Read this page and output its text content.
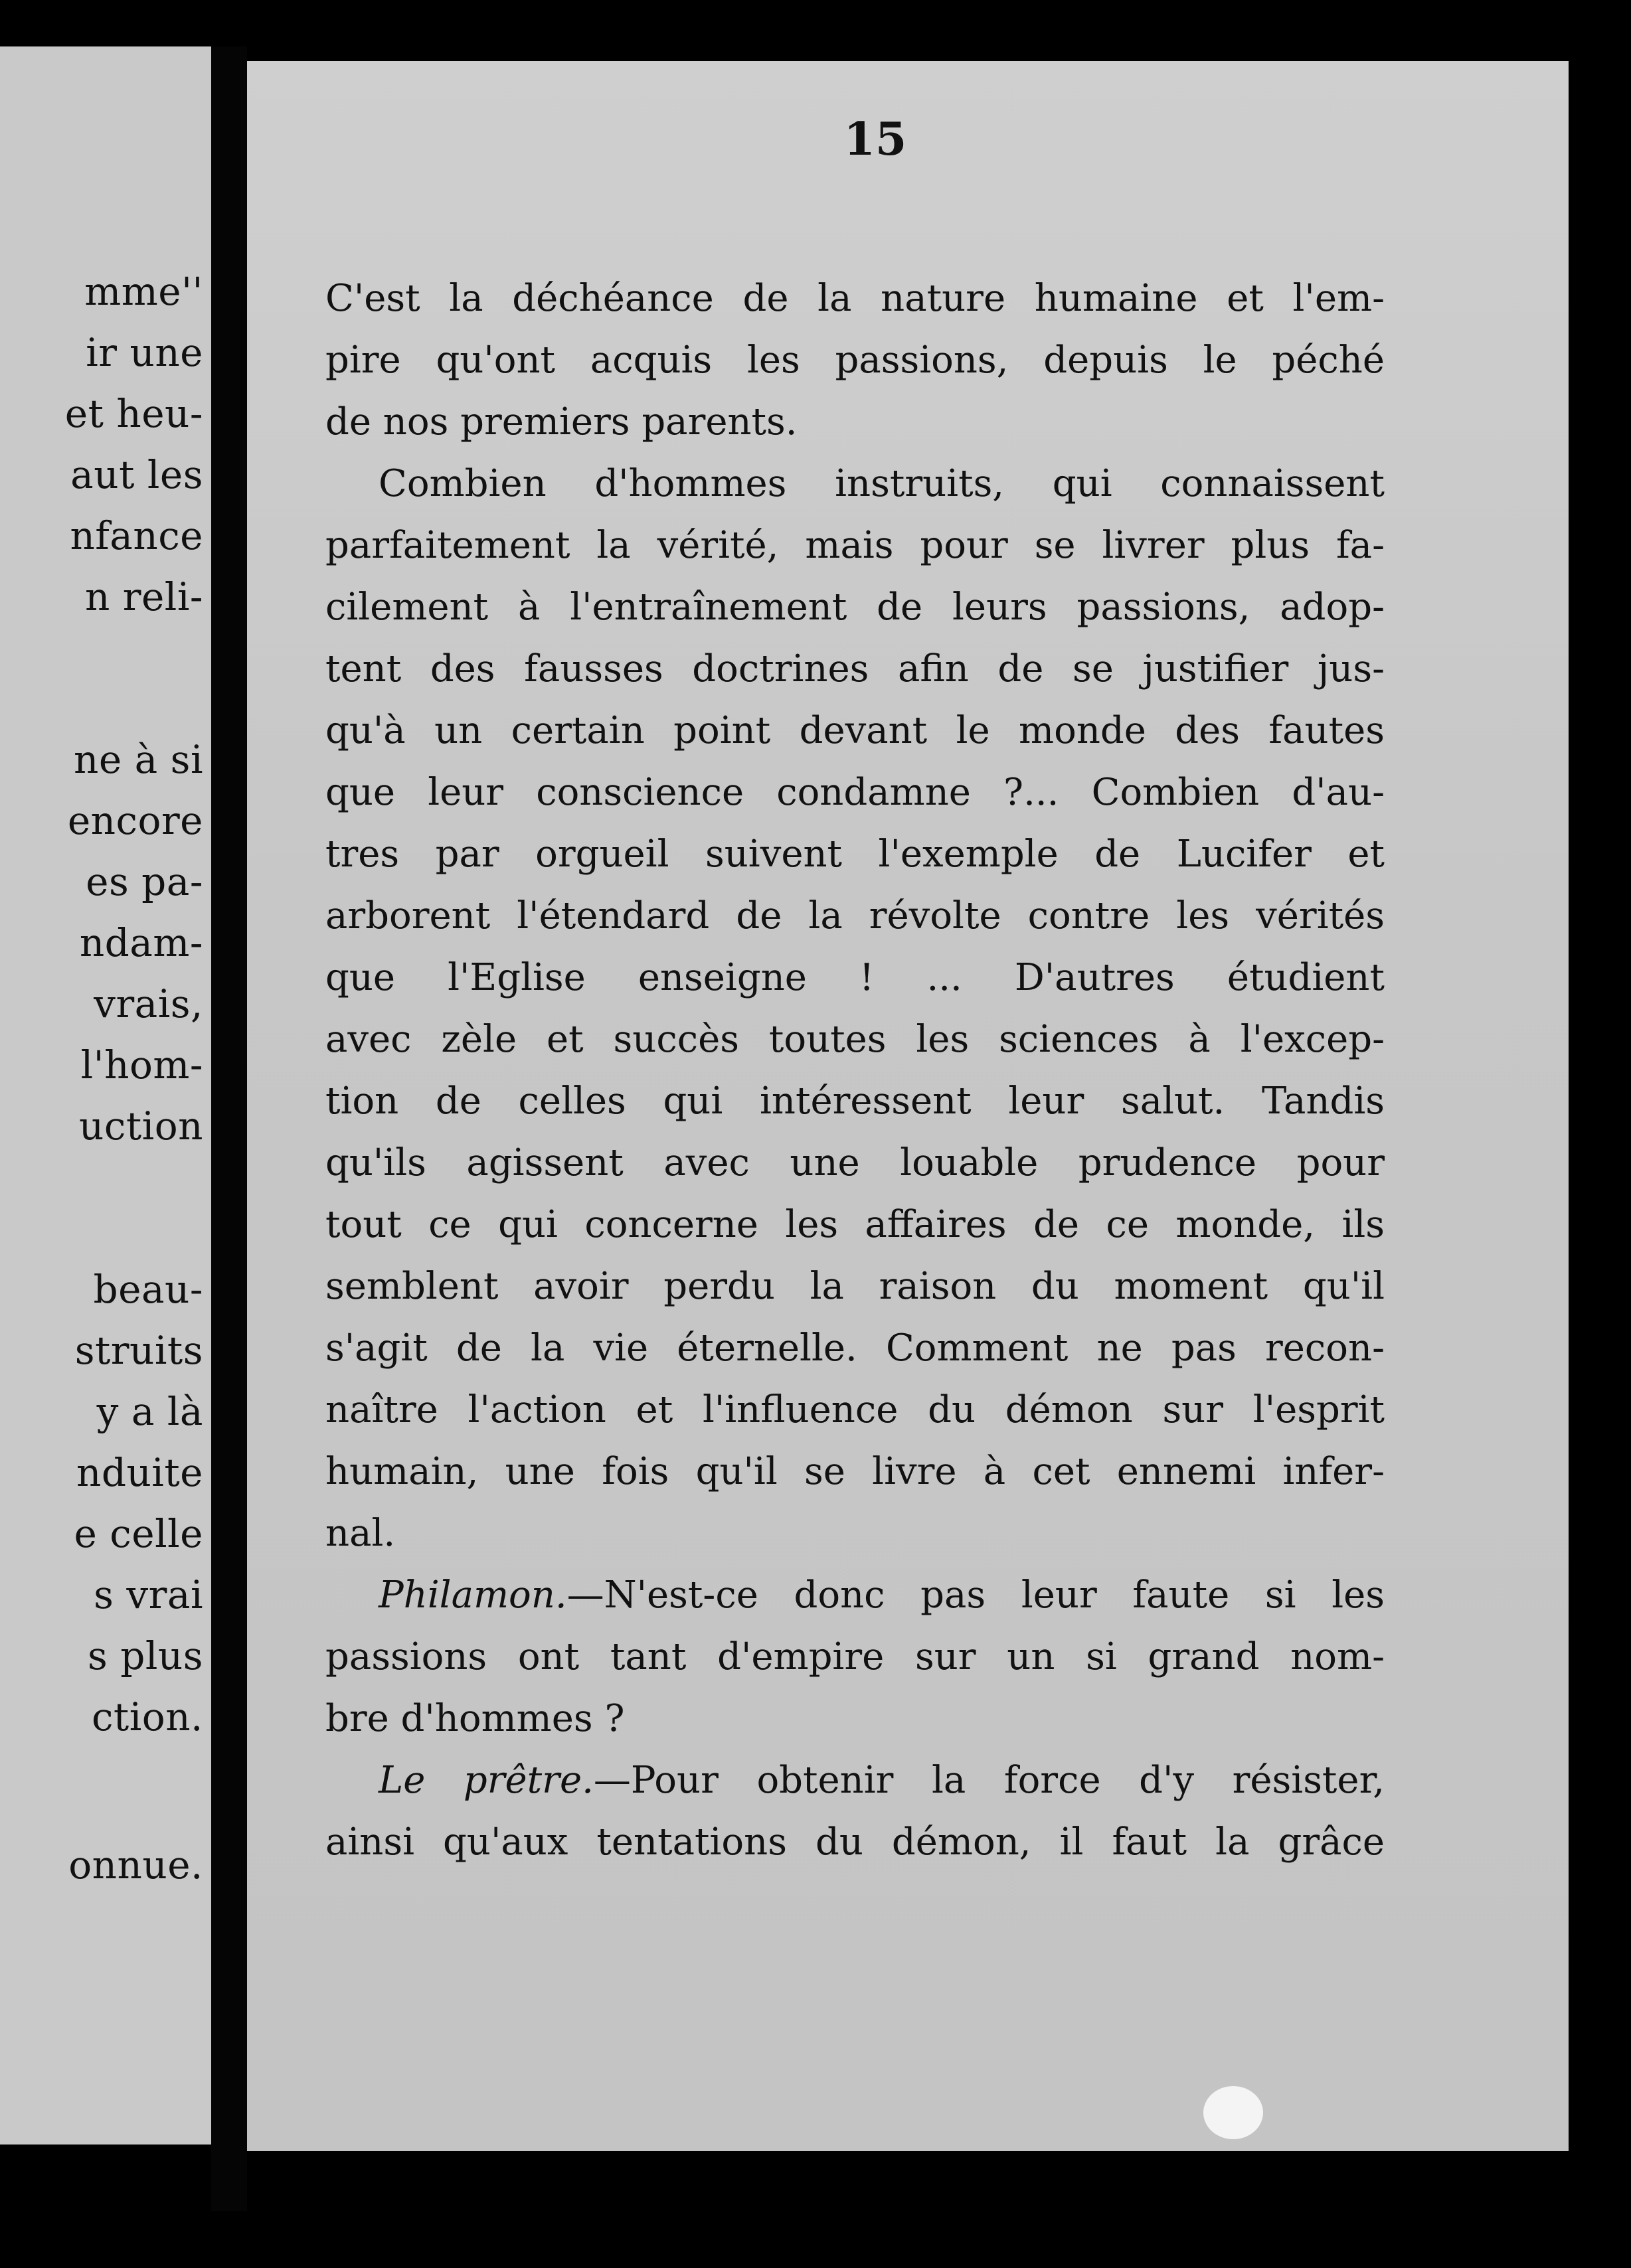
mme''
ir une
et heu-
aut les
nfance
n reli-
ne à si
encore
es pa-
ndam-
vrais,
l'hom-
uction
beau-
struits
y a là
nduite
e celle
s vrai
s plus
ction.
onnue.
15
C'est la déchéance de la nature humaine et l'em-
pire qu'ont acquis les passions, depuis le péché
de nos premiers parents.
Combien d'hommes instruits, qui connaissent
parfaitement la vérité, mais pour se livrer plus fa-
cilement à l'entraînement de leurs passions, adop-
tent des fausses doctrines afin de se justifier jus-
qu'à un certain point devant le monde des fautes
que leur conscience condamne ?... Combien d'au-
tres par orgueil suivent l'exemple de Lucifer et
arborent l'étendard de la révolte contre les vérités
que l'Eglise enseigne ! ... D'autres étudient
avec zèle et succès toutes les sciences à l'excep-
tion de celles qui intéressent leur salut. Tandis
qu'ils agissent avec une louable prudence pour
tout ce qui concerne les affaires de ce monde, ils
semblent avoir perdu la raison du moment qu'il
s'agit de la vie éternelle. Comment ne pas recon-
naître l'action et l'influence du démon sur l'esprit
humain, une fois qu'il se livre à cet ennemi infer-
nal.
Philamon.—N'est-ce donc pas leur faute si les
passions ont tant d'empire sur un si grand nom-
bre d'hommes ?
Le prêtre.—Pour obtenir la force d'y résister,
ainsi qu'aux tentations du démon, il faut la grâce
